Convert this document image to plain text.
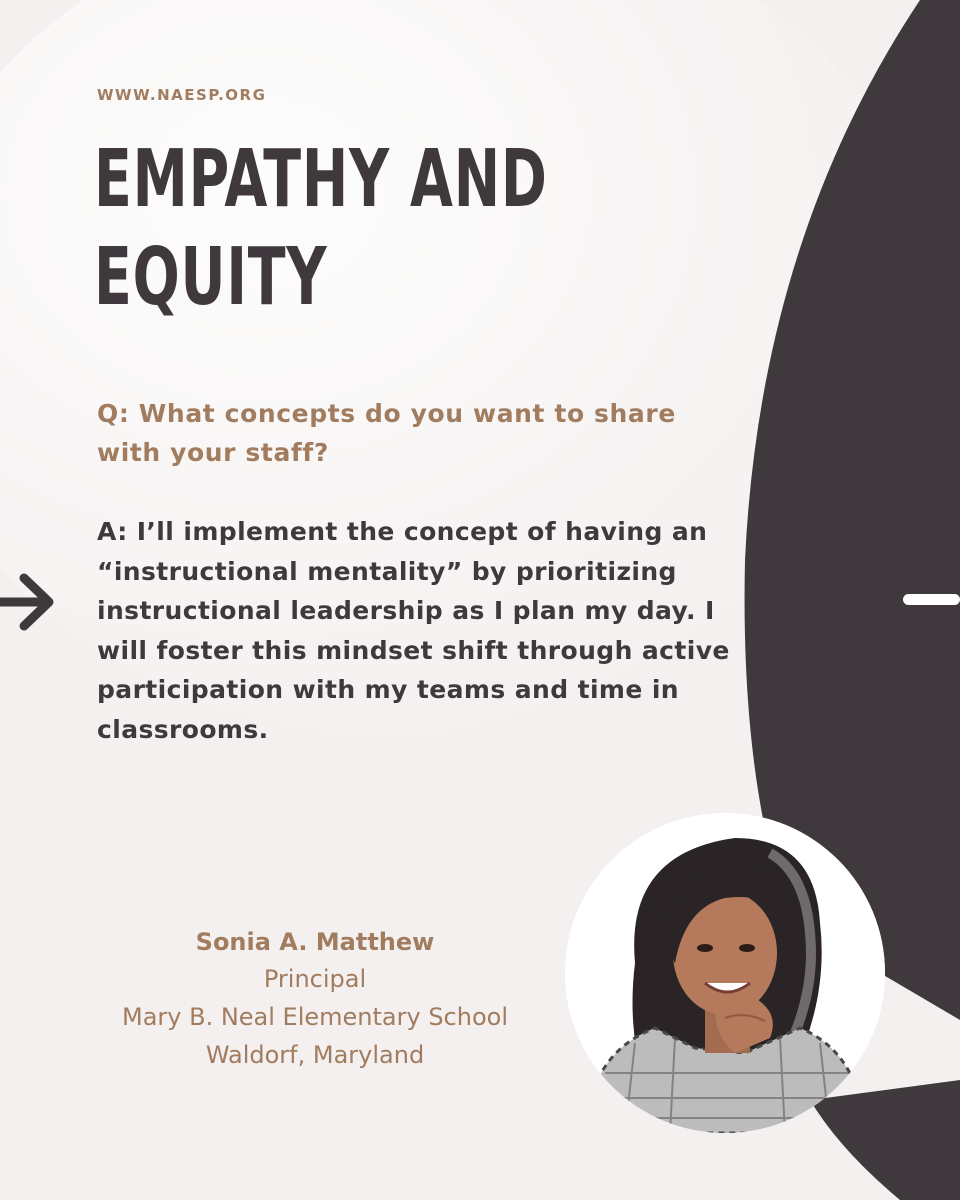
WWW.NAESP.ORG
EMPATHY AND
EQUITY
Q: What concepts do you want to share with your staff?
A: I’ll implement the concept of having an “instructional mentality” by prioritizing instructional leadership as I plan my day. I will foster this mindset shift through active participation with my teams and time in classrooms.
Sonia A. Matthew
Principal
Mary B. Neal Elementary School
Waldorf, Maryland
